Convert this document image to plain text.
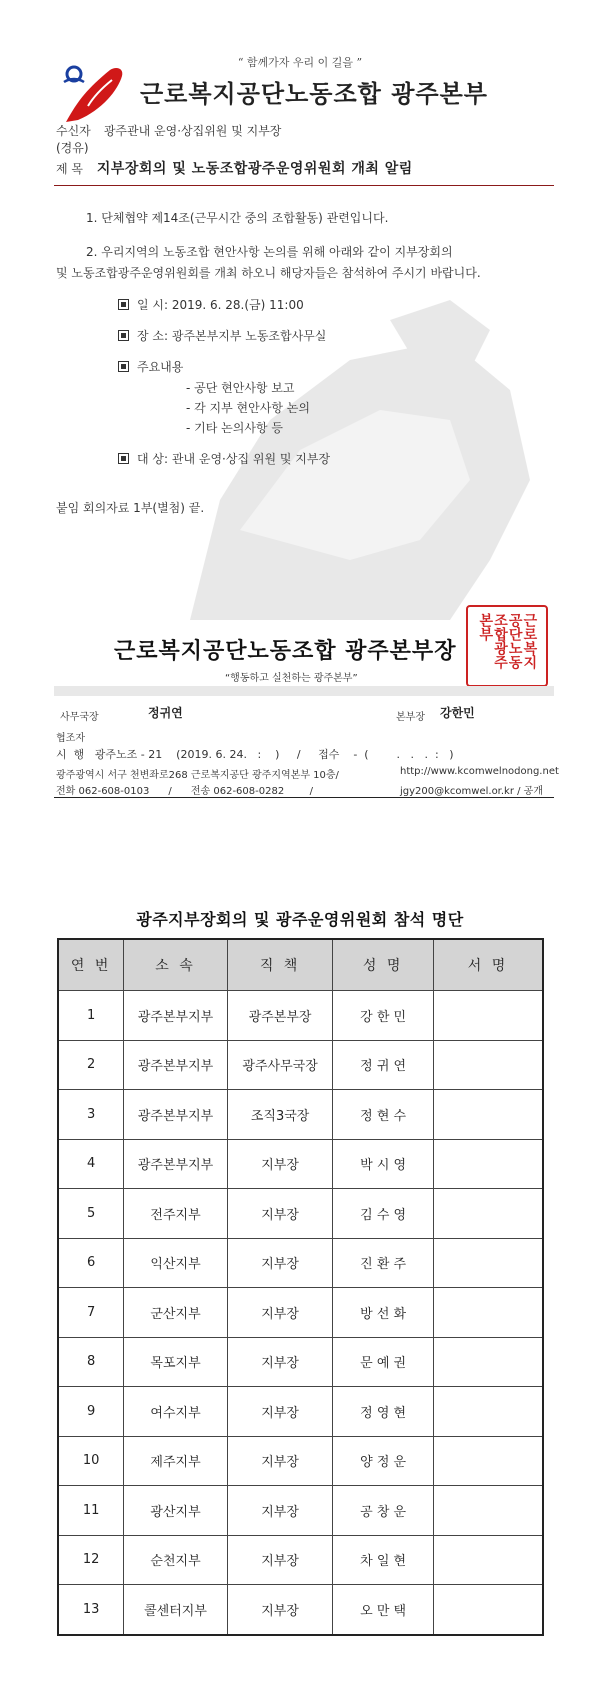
“ 함께가자 우리 이 길을 ”
근로복지공단노동조합 광주본부
수신자 광주관내 운영·상집위원 및 지부장
(경유)
제 목 지부장회의 및 노동조합광주운영위원회 개최 알림
1. 단체협약 제14조(근무시간 중의 조합활동) 관련입니다.
2. 우리지역의 노동조합 현안사항 논의를 위해 아래와 같이 지부장회의
및 노동조합광주운영위원회를 개최 하오니 해당자들은 참석하여 주시기 바랍니다.
일 시: 2019. 6. 28.(금) 11:00
장 소: 광주본부지부 노동조합사무실
주요내용
- 공단 현안사항 보고
- 각 지부 현안사항 논의
- 기타 논의사항 등
대 상: 관내 운영·상집 위원 및 지부장
붙임 회의자료 1부(별첨) 끝.
근로복지공단노동조합 광주본부장	근로복지공단노동조합광주본부
“행동하고 실천하는 광주본부”
사무국장	정귀연	본부장 강한민
협조자
시  행   광주노조 - 21    (2019. 6. 24.   :    )     /     접수    -  (        .   .   .  :   )
광주광역시 서구 천변좌로268 근로복지공단 광주지역본부 10층/	http://www.kcomwelnodong.net
전화 062-608-0103      /      전송 062-608-0282        /	jgy200@kcomwel.or.kr / 공개
광주지부장회의 및 광주운영위원회 참석 명단
연 번	소 속	직 책	성 명	서 명
1	광주본부지부	광주본부장	강 한 민	
2	광주본부지부	광주사무국장	정 귀 연	
3	광주본부지부	조직3국장	정 현 수	
4	광주본부지부	지부장	박 시 영	
5	전주지부	지부장	김 수 영	
6	익산지부	지부장	진 환 주	
7	군산지부	지부장	방 선 화	
8	목포지부	지부장	문 예 권	
9	여수지부	지부장	정 영 현	
10	제주지부	지부장	양 정 운	
11	광산지부	지부장	공 창 운	
12	순천지부	지부장	차 일 현	
13	콜센터지부	지부장	오 만 택	
